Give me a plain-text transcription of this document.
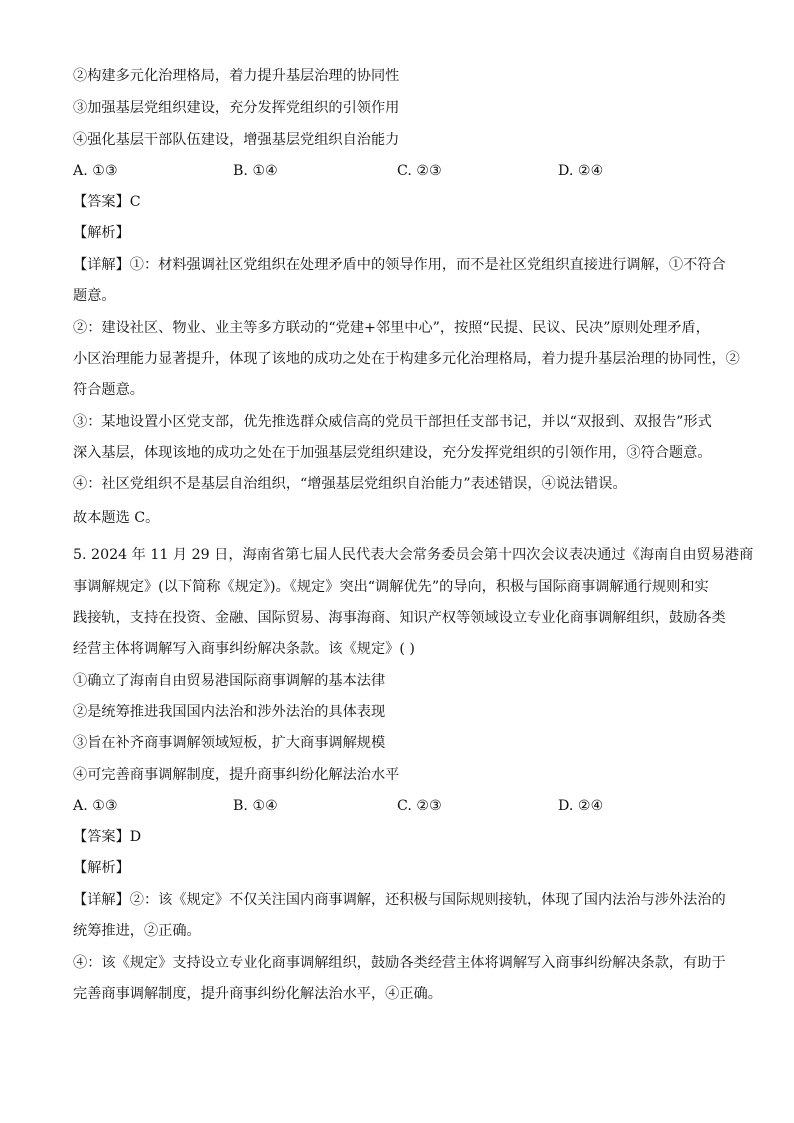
②构建多元化治理格局，着力提升基层治理的协同性
③加强基层党组织建设，充分发挥党组织的引领作用
④强化基层干部队伍建设，增强基层党组织自治能力
A. ①③	B. ①④	C. ②③	D. ②④
【答案】C
【解析】
【详解】①：材料强调社区党组织在处理矛盾中的领导作用，而不是社区党组织直接进行调解，①不符合
题意。
②：建设社区、物业、业主等多方联动的“党建+邻里中心”，按照“民提、民议、民决”原则处理矛盾，
小区治理能力显著提升，体现了该地的成功之处在于构建多元化治理格局，着力提升基层治理的协同性，②
符合题意。
③：某地设置小区党支部，优先推选群众威信高的党员干部担任支部书记，并以“双报到、双报告”形式
深入基层，体现该地的成功之处在于加强基层党组织建设，充分发挥党组织的引领作用，③符合题意。
④：社区党组织不是基层自治组织，“增强基层党组织自治能力”表述错误，④说法错误。
故本题选 C。
5. 2024 年 11 月 29 日，海南省第七届人民代表大会常务委员会第十四次会议表决通过《海南自由贸易港商
事调解规定》(以下简称《规定》)。《规定》突出“调解优先”的导向，积极与国际商事调解通行规则和实
践接轨，支持在投资、金融、国际贸易、海事海商、知识产权等领域设立专业化商事调解组织，鼓励各类
经营主体将调解写入商事纠纷解决条款。该《规定》( )
①确立了海南自由贸易港国际商事调解的基本法律
②是统筹推进我国国内法治和涉外法治的具体表现
③旨在补齐商事调解领域短板，扩大商事调解规模
④可完善商事调解制度，提升商事纠纷化解法治水平
A. ①③	B. ①④	C. ②③	D. ②④
【答案】D
【解析】
【详解】②：该《规定》不仅关注国内商事调解，还积极与国际规则接轨，体现了国内法治与涉外法治的
统筹推进，②正确。
④：该《规定》支持设立专业化商事调解组织，鼓励各类经营主体将调解写入商事纠纷解决条款，有助于
完善商事调解制度，提升商事纠纷化解法治水平，④正确。
